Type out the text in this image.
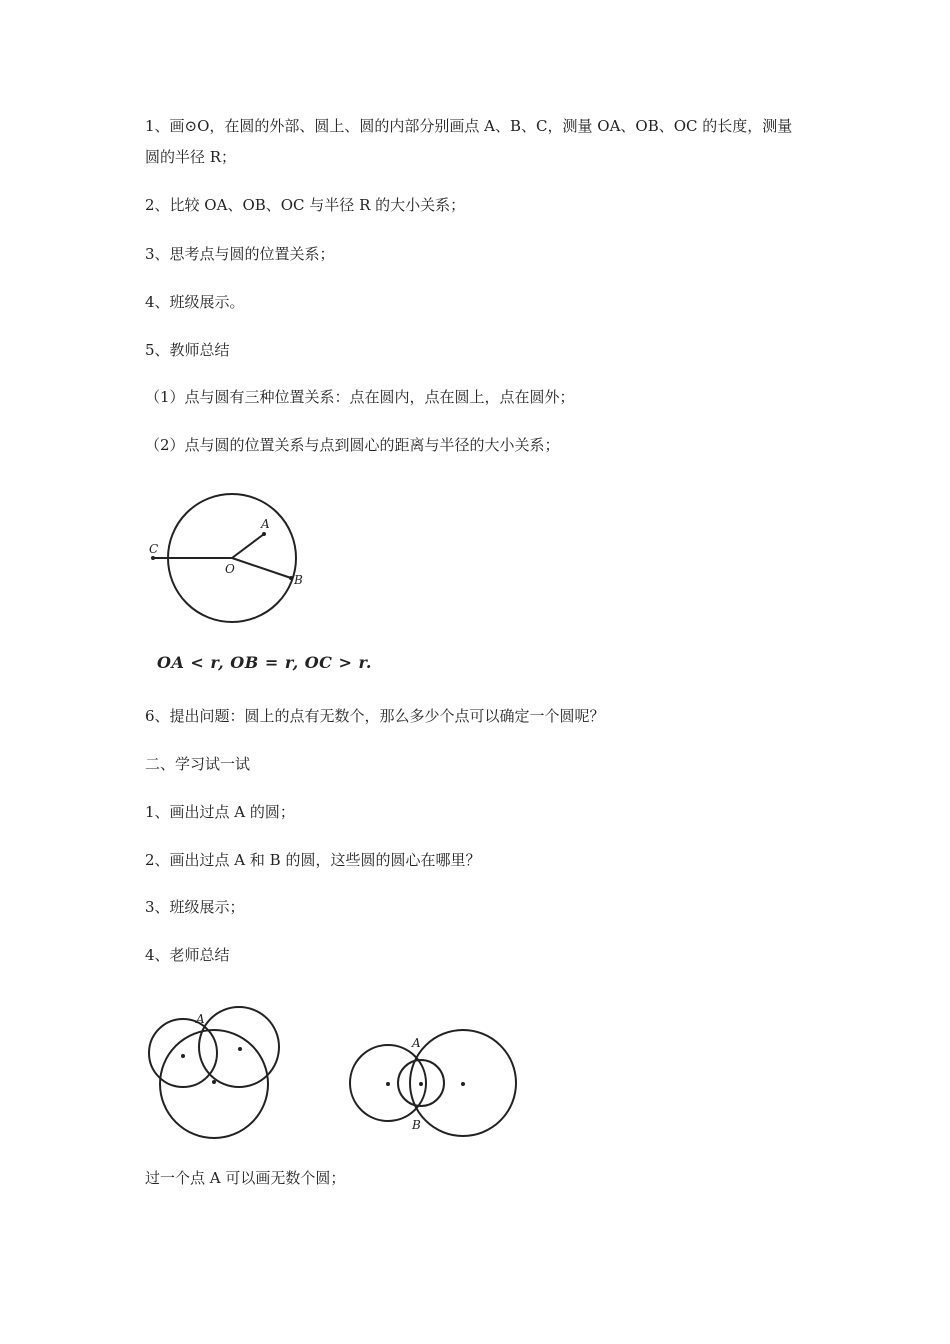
1、画⊙O，在圆的外部、圆上、圆的内部分别画点 A、B、C，测量 OA、OB、OC 的长度，测量圆的半径 R；
2、比较 OA、OB、OC 与半径 R 的大小关系；
3、思考点与圆的位置关系；
4、班级展示。
5、教师总结
（1）点与圆有三种位置关系：点在圆内，点在圆上，点在圆外；
（2）点与圆的位置关系与点到圆心的距离与半径的大小关系；
C
A
O
B
OA < r, OB = r, OC > r.
6、提出问题：圆上的点有无数个，那么多少个点可以确定一个圆呢？
二、学习试一试
1、画出过点 A 的圆；
2、画出过点 A 和 B 的圆，这些圆的圆心在哪里？
3、班级展示；
4、老师总结
A
A
B
过一个点 A 可以画无数个圆；
